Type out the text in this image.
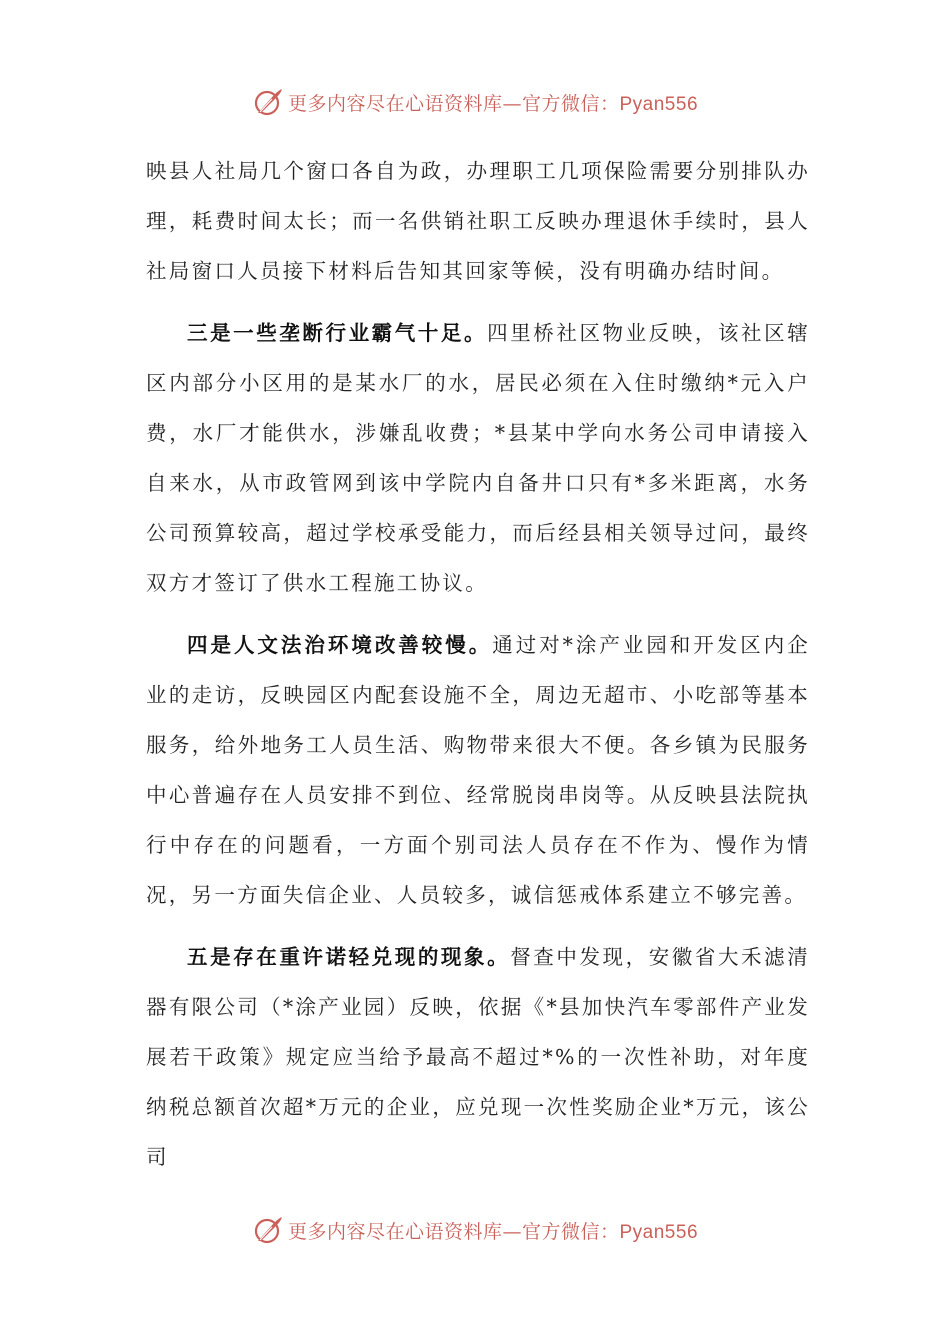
更多内容尽在心语资料库—官方微信：Pyan556

映县人社局几个窗口各自为政，办理职工几项保险需要分别排队办理，耗费时间太长；而一名供销社职工反映办理退休手续时，县人社局窗口人员接下材料后告知其回家等候，没有明确办结时间。

三是一些垄断行业霸气十足。四里桥社区物业反映，该社区辖区内部分小区用的是某水厂的水，居民必须在入住时缴纳*元入户费，水厂才能供水，涉嫌乱收费；*县某中学向水务公司申请接入自来水，从市政管网到该中学院内自备井口只有*多米距离，水务公司预算较高，超过学校承受能力，而后经县相关领导过问，最终双方才签订了供水工程施工协议。

四是人文法治环境改善较慢。通过对*涂产业园和开发区内企业的走访，反映园区内配套设施不全，周边无超市、小吃部等基本服务，给外地务工人员生活、购物带来很大不便。各乡镇为民服务中心普遍存在人员安排不到位、经常脱岗串岗等。从反映县法院执行中存在的问题看，一方面个别司法人员存在不作为、慢作为情况，另一方面失信企业、人员较多，诚信惩戒体系建立不够完善。

五是存在重许诺轻兑现的现象。督查中发现，安徽省大禾滤清器有限公司（*涂产业园）反映，依据《*县加快汽车零部件产业发展若干政策》规定应当给予最高不超过*%的一次性补助，对年度纳税总额首次超*万元的企业，应兑现一次性奖励企业*万元，该公司

更多内容尽在心语资料库—官方微信：Pyan556
